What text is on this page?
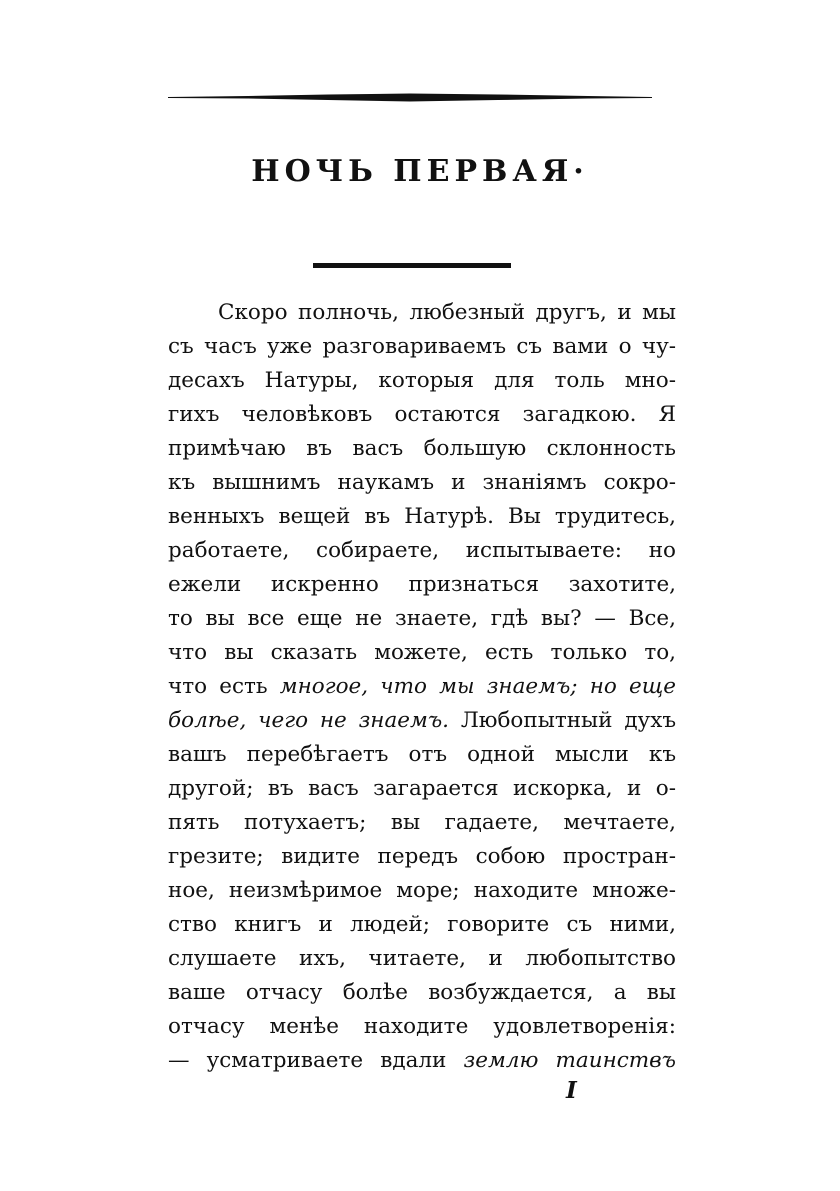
НОЧЬ ПЕРВАЯ·
Скоро полночь, любезный другъ, и мы
съ часъ уже разговариваемъ съ вами о чу-
десахъ Натуры, которыя для толь мно-
гихъ человѣковъ остаются загадкою. Я
примѣчаю въ васъ большую склонность
къ вышнимъ наукамъ и знанiямъ сокро-
венныхъ вещей въ Натурѣ. Вы трудитесь,
работаете, собираете, испытываете: но
ежели искренно признаться захотите,
то вы все еще не знаете, гдѣ вы? — Все,
что вы сказать можете, есть только то,
что есть многое, что мы знаемъ; но еще
болѣе, чего не знаемъ. Любопытный духъ
вашъ перебѣгаетъ отъ одной мысли къ
другой; въ васъ загарается искорка, и о-
пять потухаетъ; вы гадаете, мечтаете,
грезите; видите передъ собою простран-
ное, неизмѣримое море; находите множе-
ство книгъ и людей; говорите съ ними,
слушаете ихъ, читаете, и любопытство
ваше отчасу болѣе возбуждается, а вы
отчасу менѣе находите удовлетворенiя:
— усматриваете вдали землю таинствъ
I
